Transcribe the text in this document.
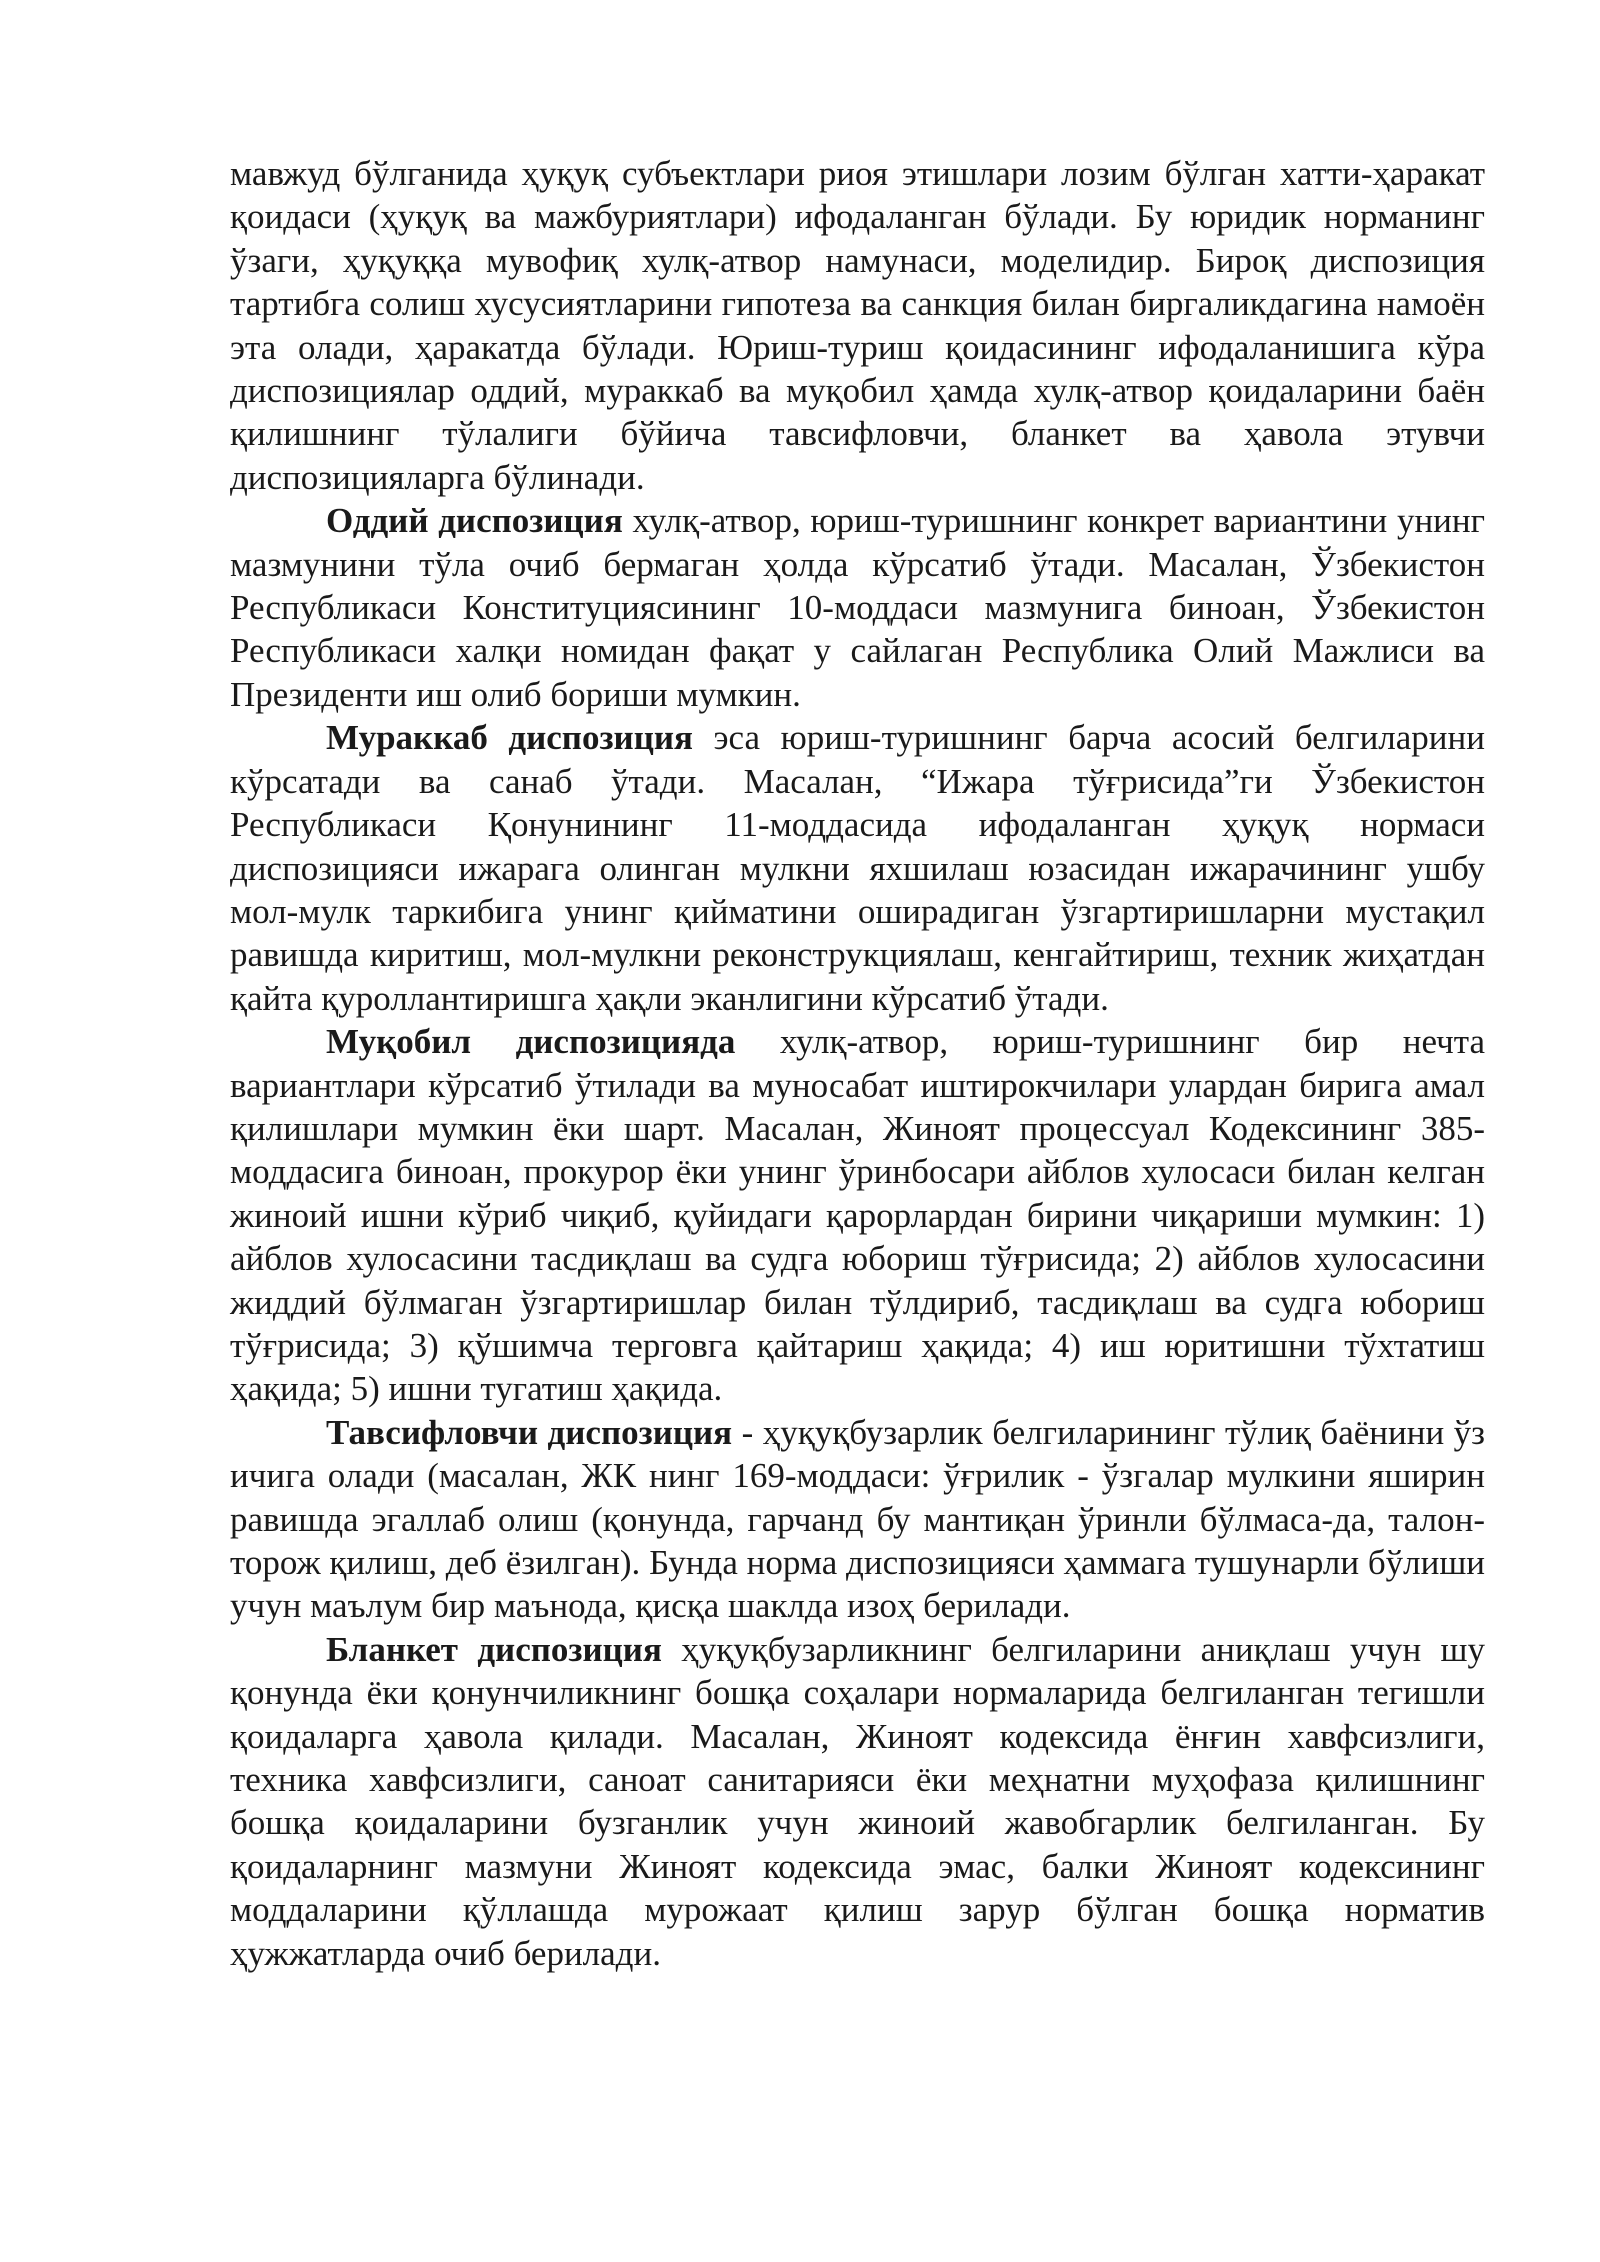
мавжуд бўлганида ҳуқуқ субъектлари риоя этишлари лозим бўлган хатти-ҳаракат қоидаси (ҳуқуқ ва мажбуриятлари) ифодаланган бўлади. Бу юридик норманинг ўзаги, ҳуқуққа мувофиқ хулқ-атвор намунаси, моделидир. Бироқ диспозиция тартибга солиш хусусиятларини гипотеза ва санкция билан биргаликдагина намоён эта олади, ҳаракатда бўлади. Юриш-туриш қоидасининг ифодаланишига кўра диспозициялар оддий, мураккаб ва муқобил ҳамда хулқ-атвор қоидаларини баён қилишнинг тўлалиги бўйича тавсифловчи, бланкет ва ҳавола этувчи диспозицияларга бўлинади.

Оддий диспозиция хулқ-атвор, юриш-туришнинг конкрет вариантини унинг мазмунини тўла очиб бермаган ҳолда кўрсатиб ўтади. Масалан, Ўзбекистон Республикаси Конституциясининг 10-моддаси мазмунига биноан, Ўзбекистон Республикаси халқи номидан фақат у сайлаган Республика Олий Мажлиси ва Президенти иш олиб бориши мумкин.

Мураккаб диспозиция эса юриш-туришнинг барча асосий белгиларини кўрсатади ва санаб ўтади. Масалан, “Ижара тўғрисида”ги Ўзбекистон Республикаси Қонунининг 11-моддасида ифодаланган ҳуқуқ нормаси диспозицияси ижарага олинган мулкни яхшилаш юзасидан ижарачининг ушбу мол-мулк таркибига унинг қийматини оширадиган ўзгартиришларни мустақил равишда киритиш, мол-мулкни реконструкциялаш, кенгайтириш, техник жиҳатдан қайта қуроллантиришга ҳақли эканлигини кўрсатиб ўтади.

Муқобил диспозицияда хулқ-атвор, юриш-туришнинг бир нечта вариантлари кўрсатиб ўтилади ва муносабат иштирокчилари улардан бирига амал қилишлари мумкин ёки шарт. Масалан, Жиноят процессуал Кодексининг 385-моддасига биноан, прокурор ёки унинг ўринбосари айблов хулосаси билан келган жиноий ишни кўриб чиқиб, қуйидаги қарорлардан бирини чиқариши мумкин: 1) айблов хулосасини тасдиқлаш ва судга юбориш тўғрисида; 2) айблов хулосасини жиддий бўлмаган ўзгартиришлар билан тўлдириб, тасдиқлаш ва судга юбориш тўғрисида; 3) қўшимча терговга қайтариш ҳақида; 4) иш юритишни тўхтатиш ҳақида; 5) ишни тугатиш ҳақида.

Тавсифловчи диспозиция - ҳуқуқбузарлик белгиларининг тўлиқ баёнини ўз ичига олади (масалан, ЖК нинг 169-моддаси: ўғрилик - ўзгалар мулкини яширин равишда эгаллаб олиш (қонунда, гарчанд бу мантиқан ўринли бўлмаса-да, талон-торож қилиш, деб ёзилган). Бунда норма диспозицияси ҳаммага тушунарли бўлиши учун маълум бир маънода, қисқа шаклда изоҳ берилади.

Бланкет диспозиция ҳуқуқбузарликнинг белгиларини аниқлаш учун шу қонунда ёки қонунчиликнинг бошқа соҳалари нормаларида белгиланган тегишли қоидаларга ҳавола қилади. Масалан, Жиноят кодексида ёнғин хавфсизлиги, техника хавфсизлиги, саноат санитарияси ёки меҳнатни муҳофаза қилишнинг бошқа қоидаларини бузганлик учун жиноий жавобгарлик белгиланган. Бу қоидаларнинг мазмуни Жиноят кодексида эмас, балки Жиноят кодексининг моддаларини қўллашда мурожаат қилиш зарур бўлган бошқа норматив ҳужжатларда очиб берилади.
